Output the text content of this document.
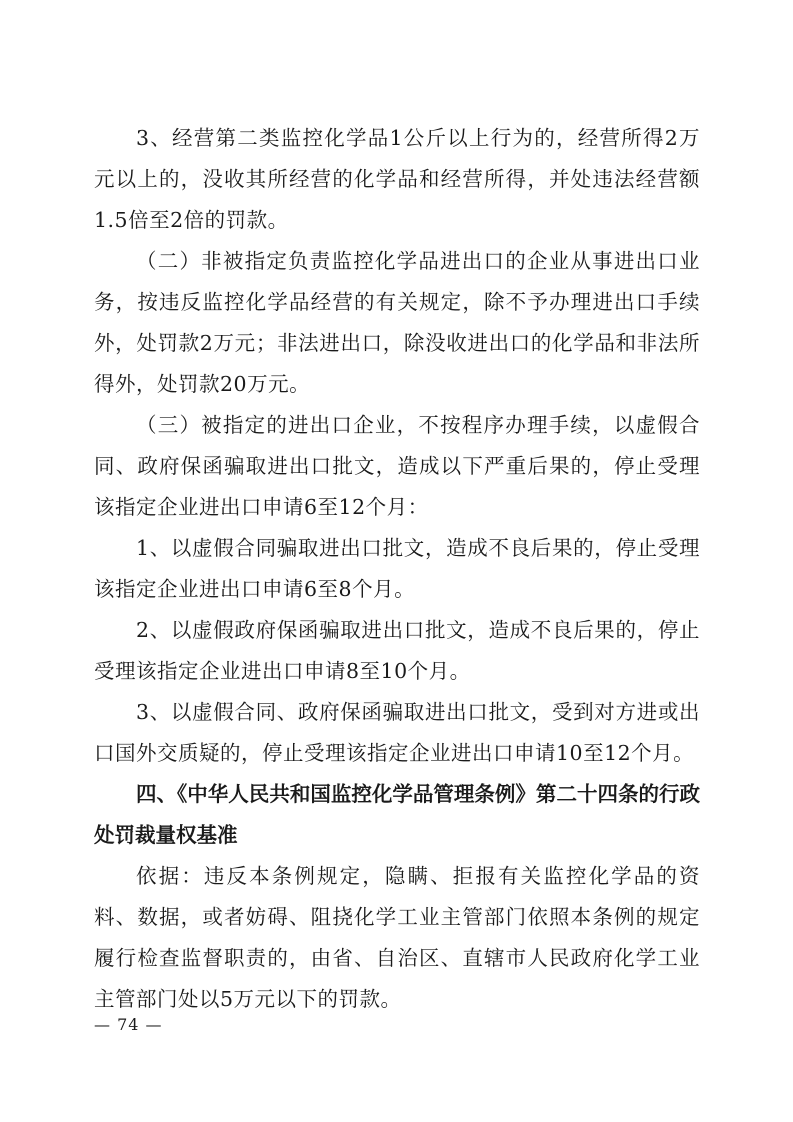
3、经营第二类监控化学品1公斤以上行为的，经营所得2万元以上的，没收其所经营的化学品和经营所得，并处违法经营额1.5倍至2倍的罚款。

（二）非被指定负责监控化学品进出口的企业从事进出口业务，按违反监控化学品经营的有关规定，除不予办理进出口手续外，处罚款2万元；非法进出口，除没收进出口的化学品和非法所得外，处罚款20万元。

（三）被指定的进出口企业，不按程序办理手续，以虚假合同、政府保函骗取进出口批文，造成以下严重后果的，停止受理该指定企业进出口申请6至12个月：

1、以虚假合同骗取进出口批文，造成不良后果的，停止受理该指定企业进出口申请6至8个月。

2、以虚假政府保函骗取进出口批文，造成不良后果的，停止受理该指定企业进出口申请8至10个月。

3、以虚假合同、政府保函骗取进出口批文，受到对方进或出口国外交质疑的，停止受理该指定企业进出口申请10至12个月。

四、《中华人民共和国监控化学品管理条例》第二十四条的行政处罚裁量权基准

依据：违反本条例规定，隐瞒、拒报有关监控化学品的资料、数据，或者妨碍、阻挠化学工业主管部门依照本条例的规定履行检查监督职责的，由省、自治区、直辖市人民政府化学工业主管部门处以5万元以下的罚款。

— 74 —
